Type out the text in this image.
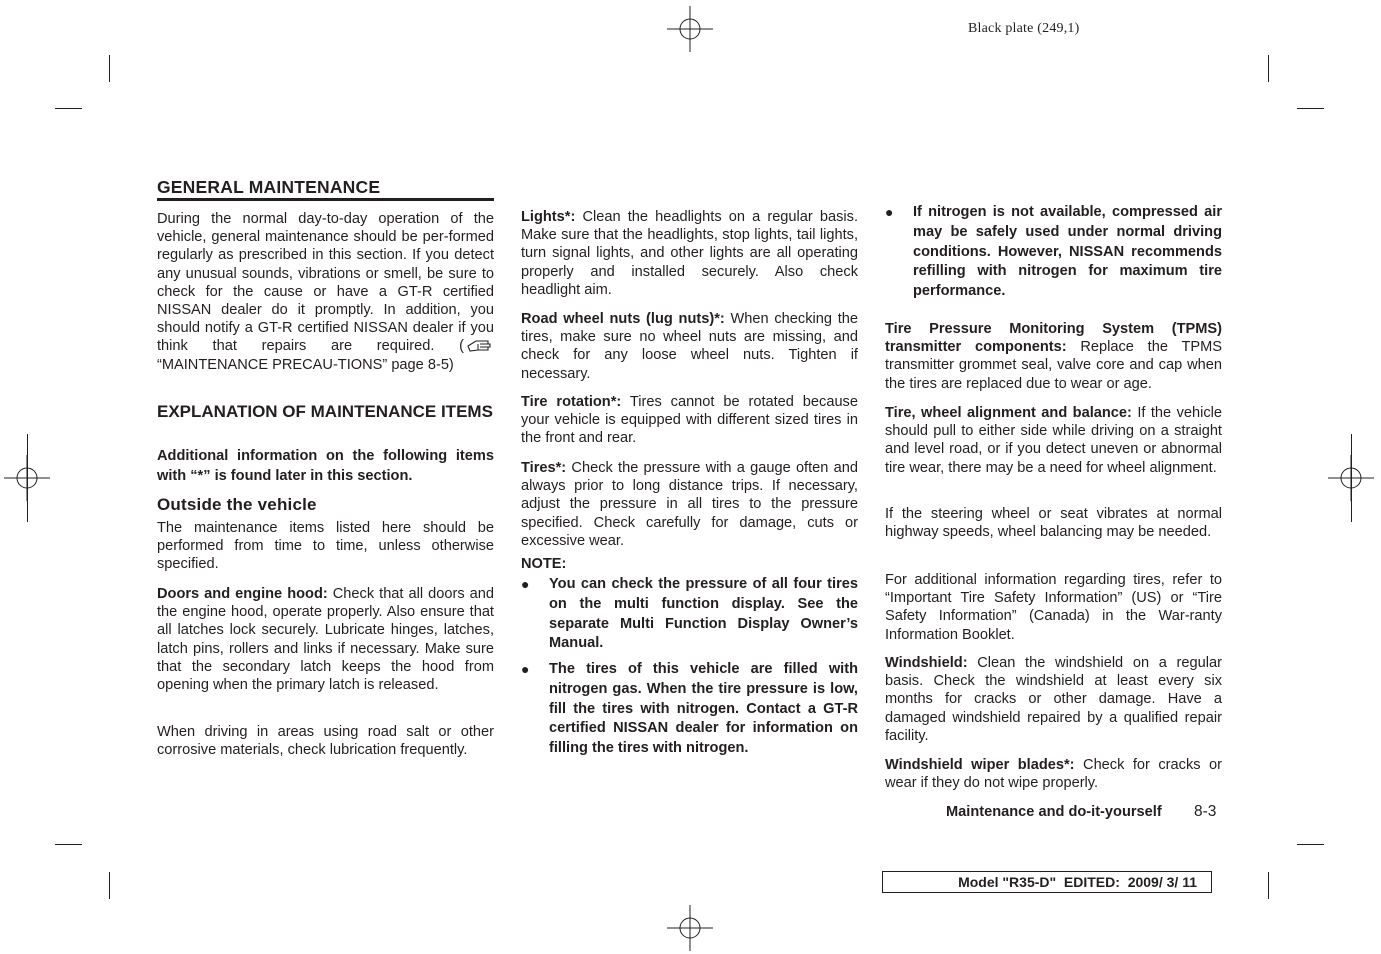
Black plate (249,1)
GENERAL MAINTENANCE

During the normal day-to-day operation of the vehicle, general maintenance should be per-formed regularly as prescribed in this section. If you detect any unusual sounds, vibrations or smell, be sure to check for the cause or have a GT-R certified NISSAN dealer do it promptly. In addition, you should notify a GT-R certified NISSAN dealer if you think that repairs are required. (“MAINTENANCE PRECAU-TIONS” page 8-5)

EXPLANATION OF MAINTENANCE ITEMS

Additional information on the following items with “*” is found later in this section.

Outside the vehicle

The maintenance items listed here should be performed from time to time, unless otherwise specified.

Doors and engine hood: Check that all doors and the engine hood, operate properly. Also ensure that all latches lock securely. Lubricate hinges, latches, latch pins, rollers and links if necessary. Make sure that the secondary latch keeps the hood from opening when the primary latch is released.

When driving in areas using road salt or other corrosive materials, check lubrication frequently.

Lights*: Clean the headlights on a regular basis. Make sure that the headlights, stop lights, tail lights, turn signal lights, and other lights are all operating properly and installed securely. Also check headlight aim.

Road wheel nuts (lug nuts)*: When checking the tires, make sure no wheel nuts are missing, and check for any loose wheel nuts. Tighten if necessary.

Tire rotation*: Tires cannot be rotated because your vehicle is equipped with different sized tires in the front and rear.

Tires*: Check the pressure with a gauge often and always prior to long distance trips. If necessary, adjust the pressure in all tires to the pressure specified. Check carefully for damage, cuts or excessive wear.

NOTE:
● You can check the pressure of all four tires on the multi function display. See the separate Multi Function Display Owner’s Manual.
● The tires of this vehicle are filled with nitrogen gas. When the tire pressure is low, fill the tires with nitrogen. Contact a GT-R certified NISSAN dealer for information on filling the tires with nitrogen.
● If nitrogen is not available, compressed air may be safely used under normal driving conditions. However, NISSAN recommends refilling with nitrogen for maximum tire performance.

Tire Pressure Monitoring System (TPMS) transmitter components: Replace the TPMS transmitter grommet seal, valve core and cap when the tires are replaced due to wear or age.

Tire, wheel alignment and balance: If the vehicle should pull to either side while driving on a straight and level road, or if you detect uneven or abnormal tire wear, there may be a need for wheel alignment.

If the steering wheel or seat vibrates at normal highway speeds, wheel balancing may be needed.

For additional information regarding tires, refer to “Important Tire Safety Information” (US) or “Tire Safety Information” (Canada) in the War-ranty Information Booklet.

Windshield: Clean the windshield on a regular basis. Check the windshield at least every six months for cracks or other damage. Have a damaged windshield repaired by a qualified repair facility.

Windshield wiper blades*: Check for cracks or wear if they do not wipe properly.

Maintenance and do-it-yourself 8-3
Model "R35-D" EDITED: 2009/ 3/ 11
